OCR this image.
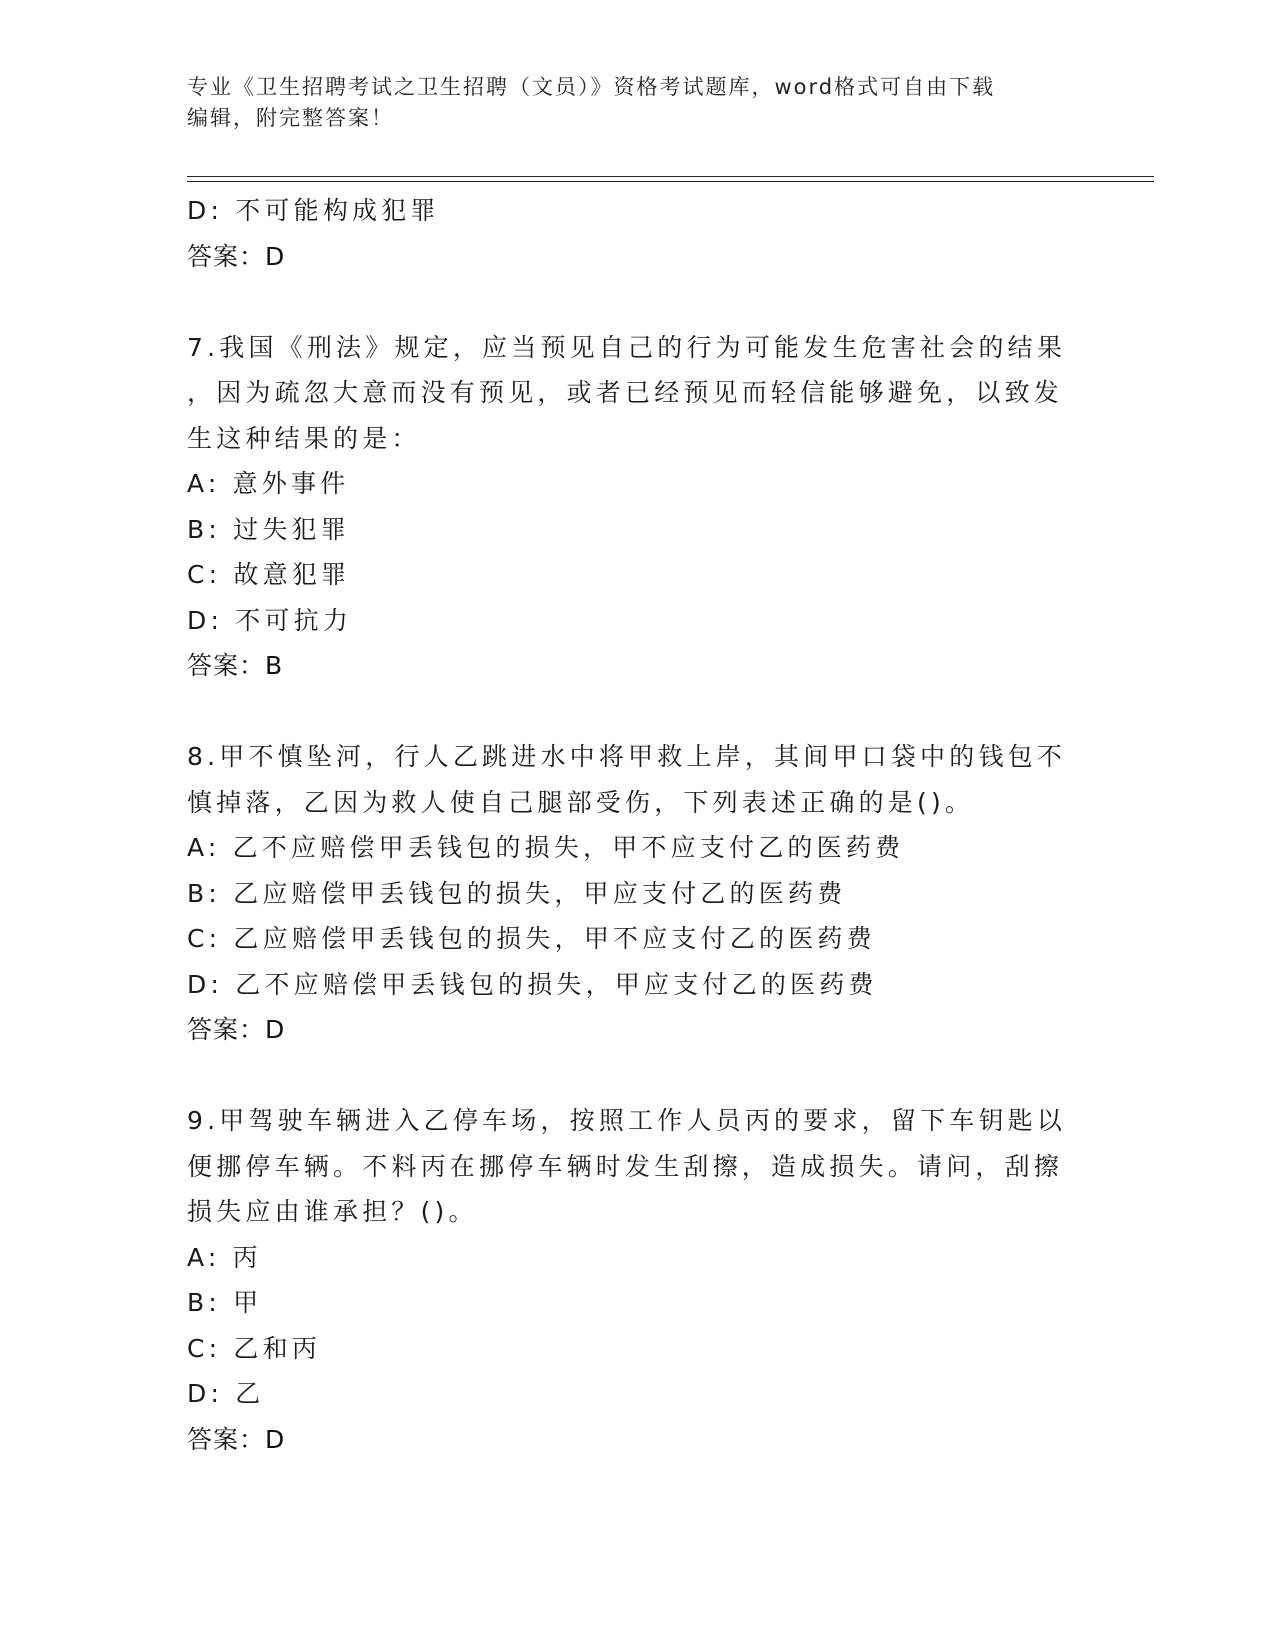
专业《卫生招聘考试之卫生招聘（文员）》资格考试题库，word格式可自由下载
编辑，附完整答案！
D: 不可能构成犯罪
答案：D
7.我国《刑法》规定，应当预见自己的行为可能发生危害社会的结果
，因为疏忽大意而没有预见，或者已经预见而轻信能够避免，以致发
生这种结果的是：
A: 意外事件
B: 过失犯罪
C: 故意犯罪
D: 不可抗力
答案：B
8.甲不慎坠河，行人乙跳进水中将甲救上岸，其间甲口袋中的钱包不
慎掉落，乙因为救人使自己腿部受伤，下列表述正确的是()。
A: 乙不应赔偿甲丢钱包的损失，甲不应支付乙的医药费
B: 乙应赔偿甲丢钱包的损失，甲应支付乙的医药费
C: 乙应赔偿甲丢钱包的损失，甲不应支付乙的医药费
D: 乙不应赔偿甲丢钱包的损失，甲应支付乙的医药费
答案：D
9.甲驾驶车辆进入乙停车场，按照工作人员丙的要求，留下车钥匙以
便挪停车辆。不料丙在挪停车辆时发生刮擦，造成损失。请问，刮擦
损失应由谁承担？()。
A: 丙
B: 甲
C: 乙和丙
D: 乙
答案：D
